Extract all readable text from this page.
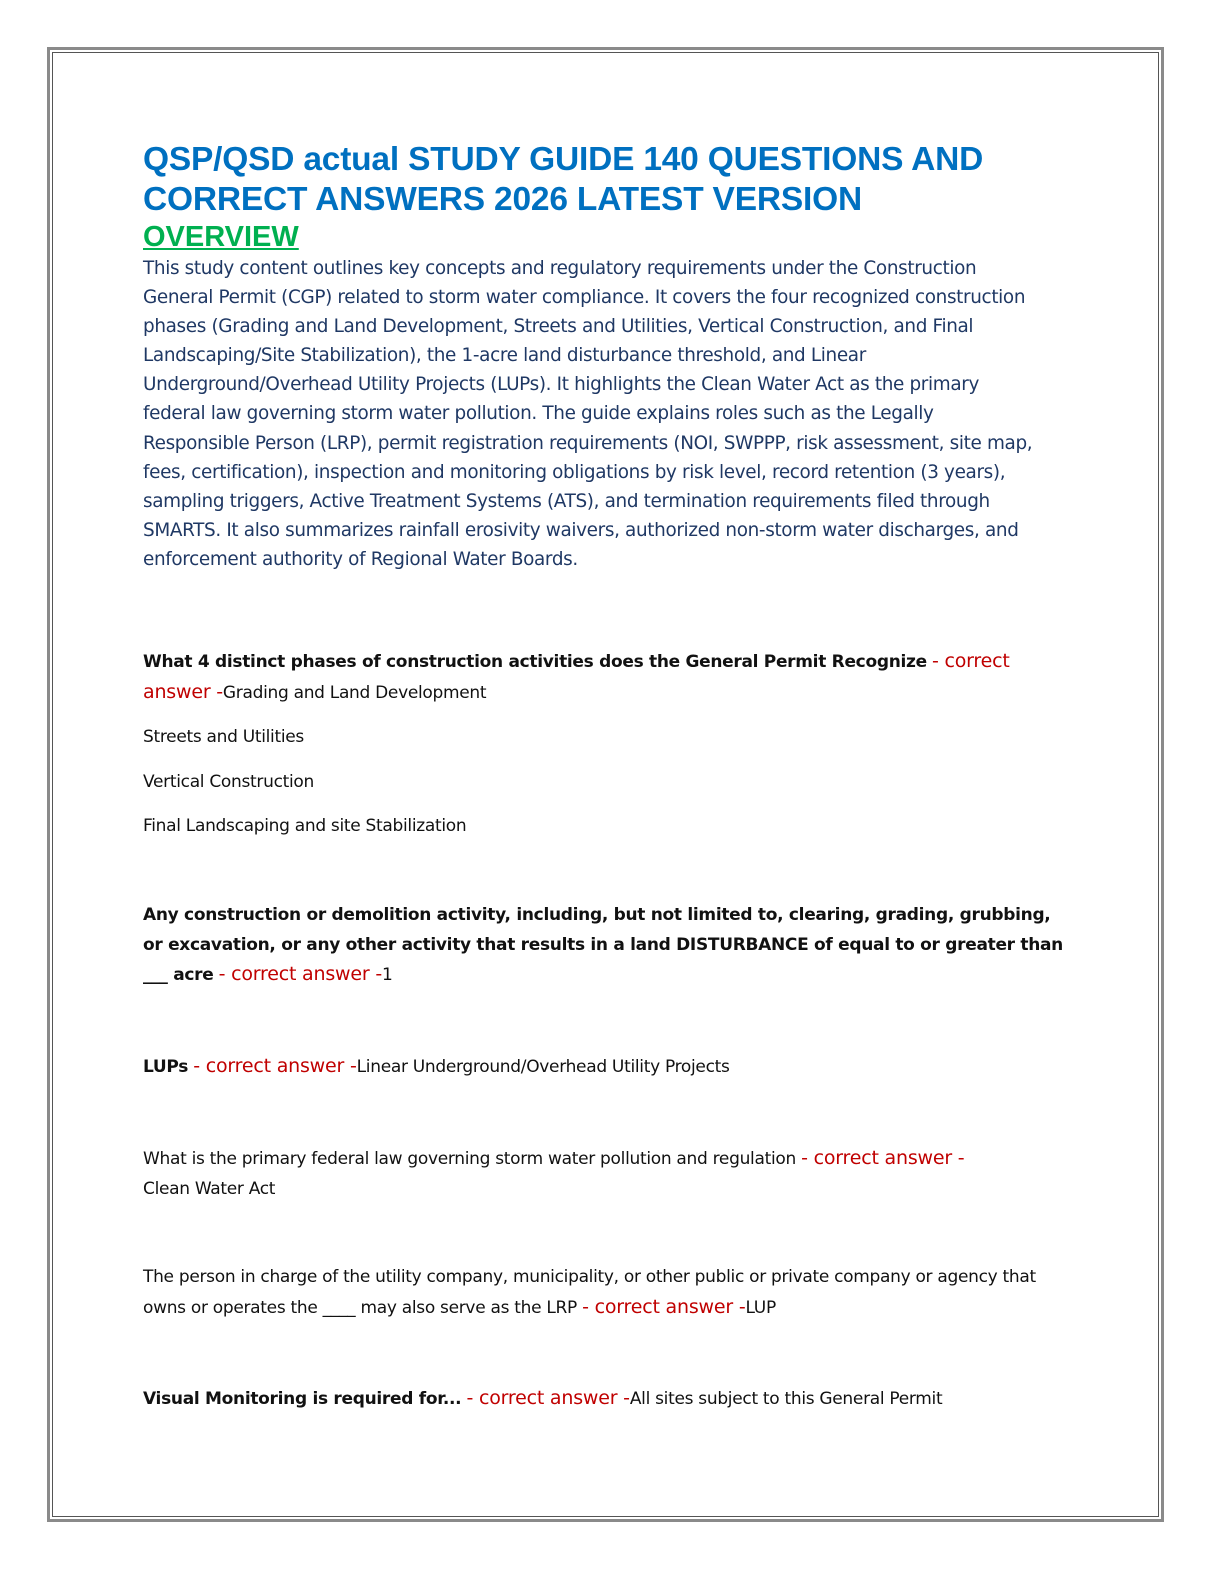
QSP/QSD actual STUDY GUIDE 140 QUESTIONS AND CORRECT ANSWERS 2026 LATEST VERSION
OVERVIEW

This study content outlines key concepts and regulatory requirements under the Construction General Permit (CGP) related to storm water compliance. It covers the four recognized construction phases (Grading and Land Development, Streets and Utilities, Vertical Construction, and Final Landscaping/Site Stabilization), the 1-acre land disturbance threshold, and Linear Underground/Overhead Utility Projects (LUPs). It highlights the Clean Water Act as the primary federal law governing storm water pollution. The guide explains roles such as the Legally Responsible Person (LRP), permit registration requirements (NOI, SWPPP, risk assessment, site map, fees, certification), inspection and monitoring obligations by risk level, record retention (3 years), sampling triggers, Active Treatment Systems (ATS), and termination requirements filed through SMARTS. It also summarizes rainfall erosivity waivers, authorized non-storm water discharges, and enforcement authority of Regional Water Boards.

What 4 distinct phases of construction activities does the General Permit Recognize - correct answer -Grading and Land Development

Streets and Utilities

Vertical Construction

Final Landscaping and site Stabilization

Any construction or demolition activity, including, but not limited to, clearing, grading, grubbing, or excavation, or any other activity that results in a land DISTURBANCE of equal to or greater than ___ acre - correct answer -1

LUPs - correct answer -Linear Underground/Overhead Utility Projects

What is the primary federal law governing storm water pollution and regulation - correct answer -
Clean Water Act

The person in charge of the utility company, municipality, or other public or private company or agency that owns or operates the ____ may also serve as the LRP - correct answer -LUP

Visual Monitoring is required for... - correct answer -All sites subject to this General Permit
